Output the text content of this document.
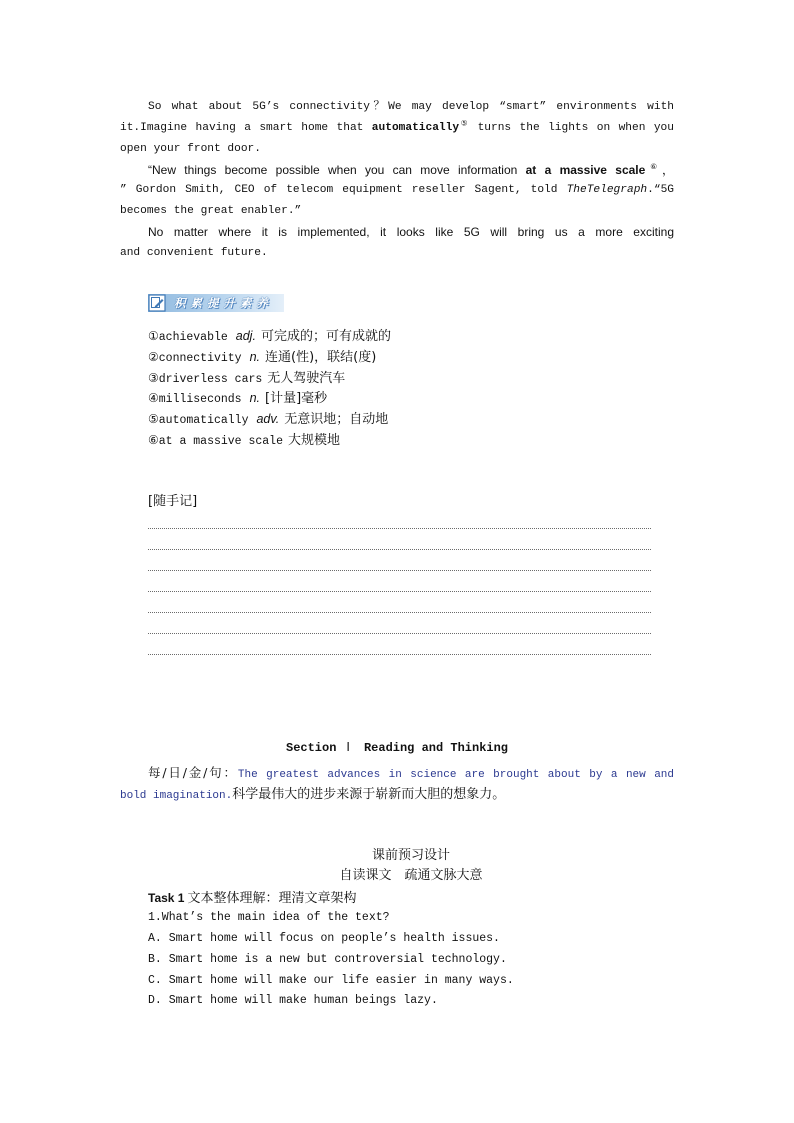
So what about 5G’s connectivity？We may develop “smart” environments with
it.Imagine having a smart home that automatically⑤ turns the lights on when you
open your front door.
“New things become possible when you can move information at a massive scale⑥，
” Gordon Smith, CEO of telecom equipment reseller Sagent, told TheTelegraph.“5G
becomes the great enabler.”
No matter where it is implemented, it looks like 5G will bring us a more exciting
and convenient future.
积累提升素养
①achievable adj. 可完成的；可有成就的
②connectivity n. 连通(性)，联结(度)
③driverless cars 无人驾驶汽车
④milliseconds n. [计量]毫秒
⑤automatically adv. 无意识地；自动地
⑥at a massive scale 大规模地
[随手记]
Section Ⅰ Reading and Thinking
每/日/金/句：The greatest advances in science are brought about by a new and
bold imagination.科学最伟大的进步来源于崭新而大胆的想象力。
课前预习设计
自读课文　疏通文脉大意
Task 1 文本整体理解：理清文章架构
1.What’s the main idea of the text?
A. Smart home will focus on people’s health issues.
B. Smart home is a new but controversial technology.
C. Smart home will make our life easier in many ways.
D. Smart home will make human beings lazy.
